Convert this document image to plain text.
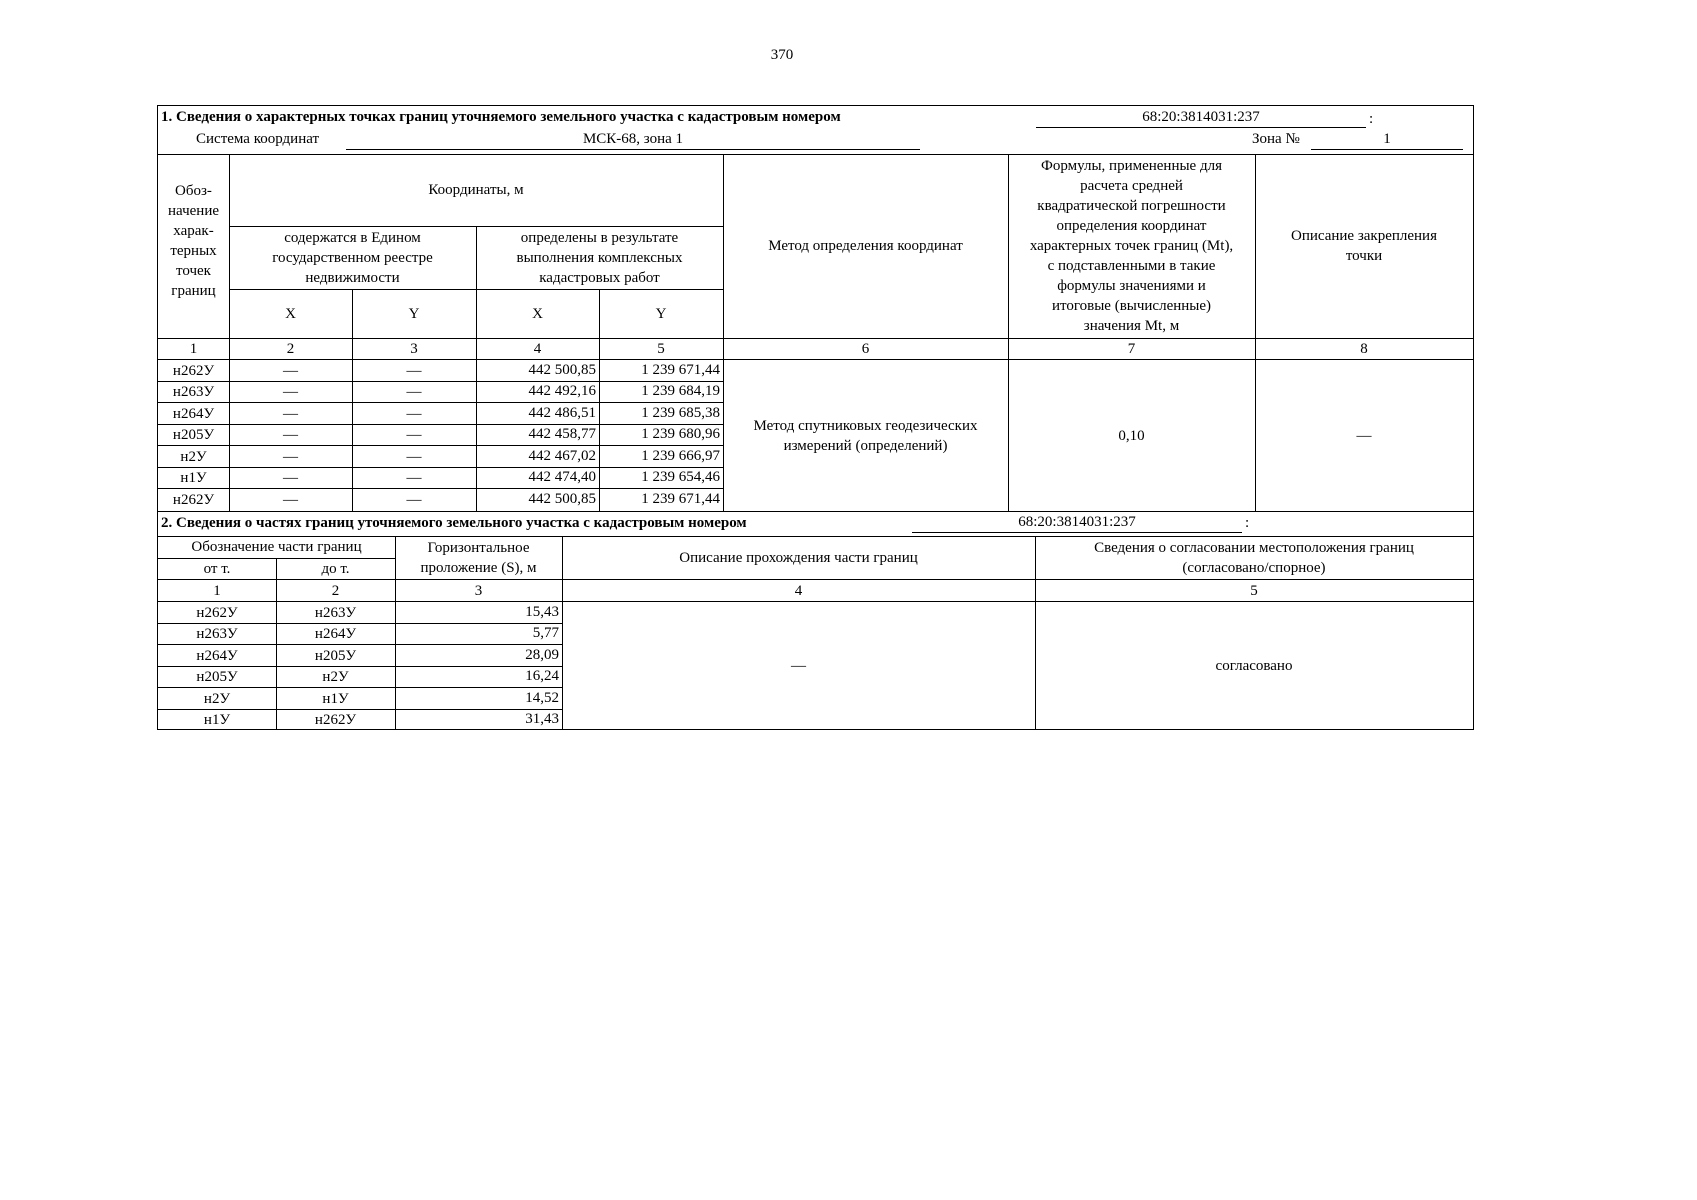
370
1. Сведения о характерных точках границ уточняемого земельного участка с кадастровым номером	68:20:3814031:237	:
Система координат	МСК-68, зона 1	Зона №	1
Обоз-
начение
харак-
терных
точек
границ
Координаты, м
содержатся в Едином
государственном реестре
недвижимости
определены в результате
выполнения комплексных
кадастровых работ
X	Y	X	Y
Метод определения координат
Формулы, примененные для
расчета средней
квадратической погрешности
определения координат
характерных точек границ (Mt),
с подставленными в такие
формулы значениями и
итоговые (вычисленные)
значения Mt, м
Описание закрепления
точки
1	2	3	4	5	6	7	8
н262У	—	—	442 500,85	1 239 671,44
н263У	—	—	442 492,16	1 239 684,19
н264У	—	—	442 486,51	1 239 685,38
н205У	—	—	442 458,77	1 239 680,96
н2У	—	—	442 467,02	1 239 666,97
н1У	—	—	442 474,40	1 239 654,46
н262У	—	—	442 500,85	1 239 671,44
Метод спутниковых геодезических
измерений (определений)
0,10	—
2. Сведения о частях границ уточняемого земельного участка с кадастровым номером	68:20:3814031:237	:
Обозначение части границ
от т.	до т.
Горизонтальное
проложение (S), м
Описание прохождения части границ
Сведения о согласовании местоположения границ
(согласовано/спорное)
1	2	3	4	5
н262У	н263У	15,43
н263У	н264У	5,77
н264У	н205У	28,09
н205У	н2У	16,24
н2У	н1У	14,52
н1У	н262У	31,43
—	согласовано
